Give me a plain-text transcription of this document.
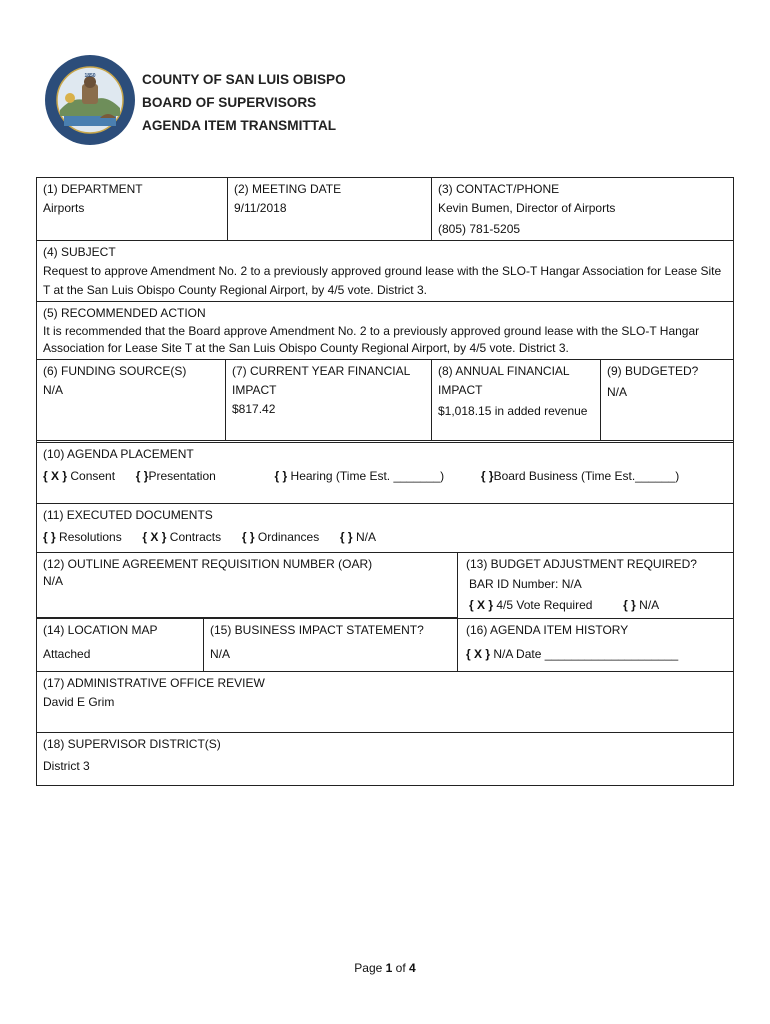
1850	COUNTY OF SAN LUIS OBISPO
BOARD OF SUPERVISORS
AGENDA ITEM TRANSMITTAL
(1) DEPARTMENT
Airports
(2) MEETING DATE
9/11/2018
(3) CONTACT/PHONE
Kevin Bumen, Director of Airports
(805) 781-5205
(4) SUBJECT
Request to approve Amendment No. 2 to a previously approved ground lease with the SLO-T Hangar Association for Lease Site T at the San Luis Obispo County Regional Airport, by 4/5 vote. District 3.
(5) RECOMMENDED ACTION
It is recommended that the Board approve Amendment No. 2 to a previously approved ground lease with the SLO-T Hangar Association for Lease Site T at the San Luis Obispo County Regional Airport, by 4/5 vote. District 3.
(6) FUNDING SOURCE(S)
N/A
(7) CURRENT YEAR FINANCIAL IMPACT
$817.42
(8) ANNUAL FINANCIAL IMPACT
$1,018.15 in added revenue
(9) BUDGETED?
N/A
(10) AGENDA PLACEMENT
{ X } Consent { }Presentation	{ } Hearing (Time Est. _______)	{ }Board Business (Time Est.______)
(11) EXECUTED DOCUMENTS
{ } Resolutions { X } Contracts { } Ordinances { } N/A
(12) OUTLINE AGREEMENT REQUISITION NUMBER (OAR)
N/A
(13) BUDGET ADJUSTMENT REQUIRED?
BAR ID Number: N/A
{ X } 4/5 Vote Required	{ } N/A
(14) LOCATION MAP
Attached
(15) BUSINESS IMPACT STATEMENT?
N/A
(16) AGENDA ITEM HISTORY
{ X } N/A Date ____________________
(17) ADMINISTRATIVE OFFICE REVIEW
David E Grim
(18) SUPERVISOR DISTRICT(S)
District 3
Page 1 of 4
